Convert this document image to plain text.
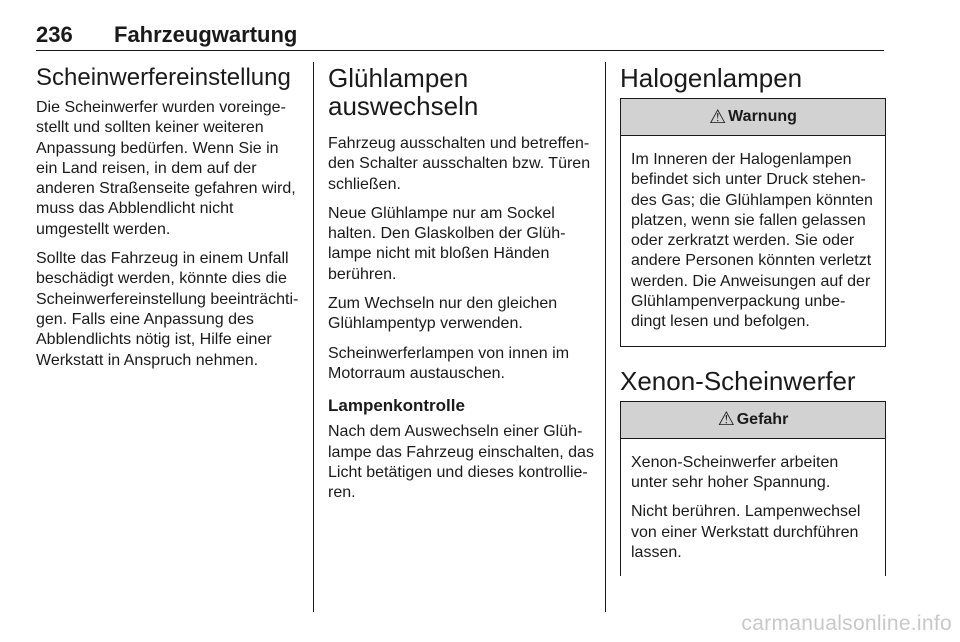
236 Fahrzeugwartung
Scheinwerfereinstellung

Die Scheinwerfer wurden voreinge- stellt und sollten keiner weiteren Anpassung bedürfen. Wenn Sie in ein Land reisen, in dem auf der anderen Straßenseite gefahren wird, muss das Abblendlicht nicht umgestellt werden.

Sollte das Fahrzeug in einem Unfall beschädigt werden, könnte dies die Scheinwerfereinstellung beeinträchti- gen. Falls eine Anpassung des Abblendlichts nötig ist, Hilfe einer Werkstatt in Anspruch nehmen.

Glühlampen auswechseln

Fahrzeug ausschalten und betreffen- den Schalter ausschalten bzw. Türen schließen.

Neue Glühlampe nur am Sockel halten. Den Glaskolben der Glüh- lampe nicht mit bloßen Händen berühren.

Zum Wechseln nur den gleichen Glühlampentyp verwenden.

Scheinwerferlampen von innen im Motorraum austauschen.

Lampenkontrolle

Nach dem Auswechseln einer Glüh- lampe das Fahrzeug einschalten, das Licht betätigen und dieses kontrollie- ren.

Halogenlampen
⚠ Warnung

Im Inneren der Halogenlampen befindet sich unter Druck stehen- des Gas; die Glühlampen könnten platzen, wenn sie fallen gelassen oder zerkratzt werden. Sie oder andere Personen könnten verletzt werden. Die Anweisungen auf der Glühlampenverpackung unbe- dingt lesen und befolgen.

Xenon-Scheinwerfer
⚠ Gefahr

Xenon-Scheinwerfer arbeiten unter sehr hoher Spannung.

Nicht berühren. Lampenwechsel von einer Werkstatt durchführen lassen.

carmanualsonline.info
